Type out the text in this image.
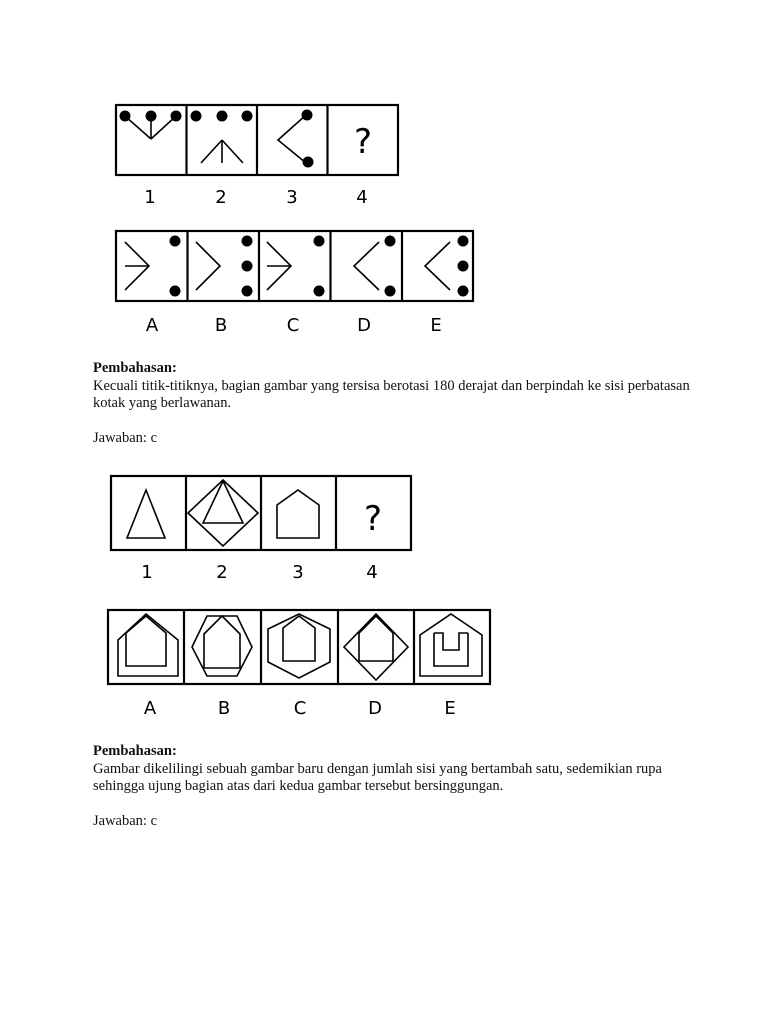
?
1	2	3	4
A	B	C	D	E
Pembahasan:

Kecuali titik-titiknya, bagian gambar yang tersisa berotasi 180 derajat dan berpindah ke sisi perbatasan kotak yang berlawanan.

Jawaban: c
?
1	2	3	4
A	B	C	D	E
Pembahasan:

Gambar dikelilingi sebuah gambar baru dengan jumlah sisi yang bertambah satu, sedemikian rupa sehingga ujung bagian atas dari kedua gambar tersebut bersinggungan.

Jawaban: c
